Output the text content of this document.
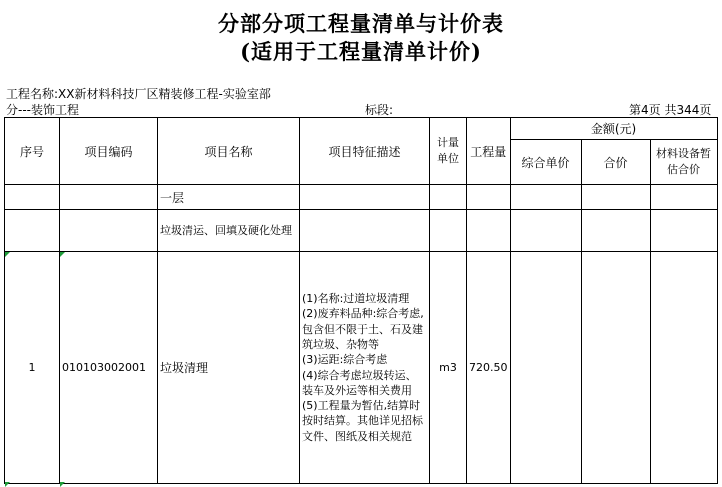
分部分项工程量清单与计价表
(适用于工程量清单计价)
工程名称:XX新材料科技厂区精装修工程-实验室部
分---装饰工程	标段:	第4页 共344页
序号	项目编码	项目名称	项目特征描述	计量单位	工程量	金额(元)		
						综合单价	合价	材料设备暂估合价
		一层						
		垃圾清运、回填及硬化处理						
1	010103002001	垃圾清理	(1)名称:过道垃圾清理
(2)废弃料品种:综合考虑,包含但不限于土、石及建筑垃圾、杂物等
(3)运距:综合考虑
(4)综合考虑垃圾转运、装车及外运等相关费用
(5)工程量为暂估,结算时按时结算。其他详见招标文件、图纸及相关规范	m3	720.50			
